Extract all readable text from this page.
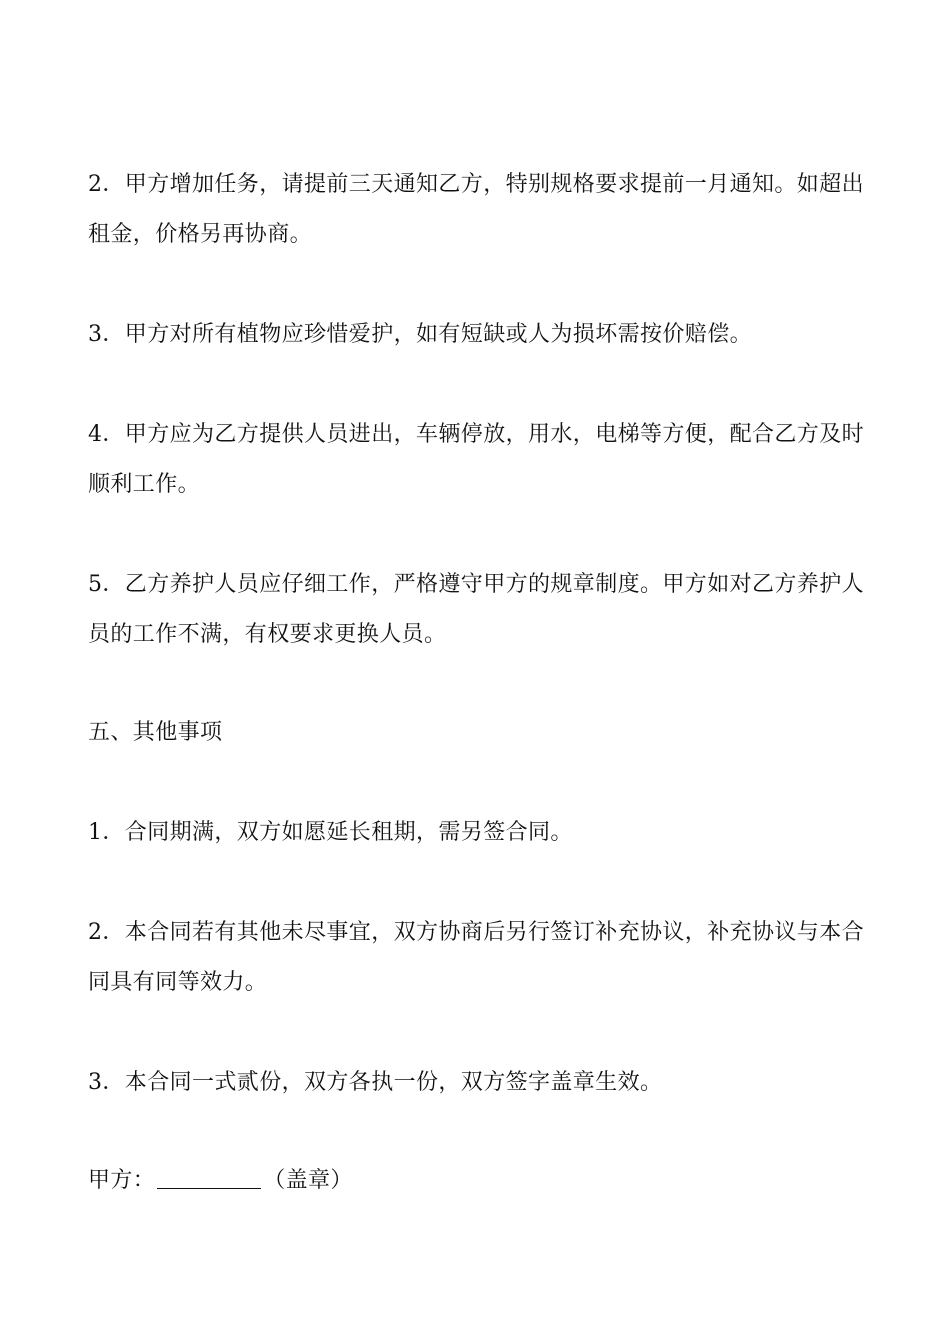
2．甲方增加任务，请提前三天通知乙方，特别规格要求提前一月通知。如超出租金，价格另再协商。
3．甲方对所有植物应珍惜爱护，如有短缺或人为损坏需按价赔偿。
4．甲方应为乙方提供人员进出，车辆停放，用水，电梯等方便，配合乙方及时顺利工作。
5．乙方养护人员应仔细工作，严格遵守甲方的规章制度。甲方如对乙方养护人员的工作不满，有权要求更换人员。
五、其他事项
1．合同期满，双方如愿延长租期，需另签合同。
2．本合同若有其他未尽事宜，双方协商后另行签订补充协议，补充协议与本合同具有同等效力。
3．本合同一式贰份，双方各执一份，双方签字盖章生效。
甲方：	（盖章）
